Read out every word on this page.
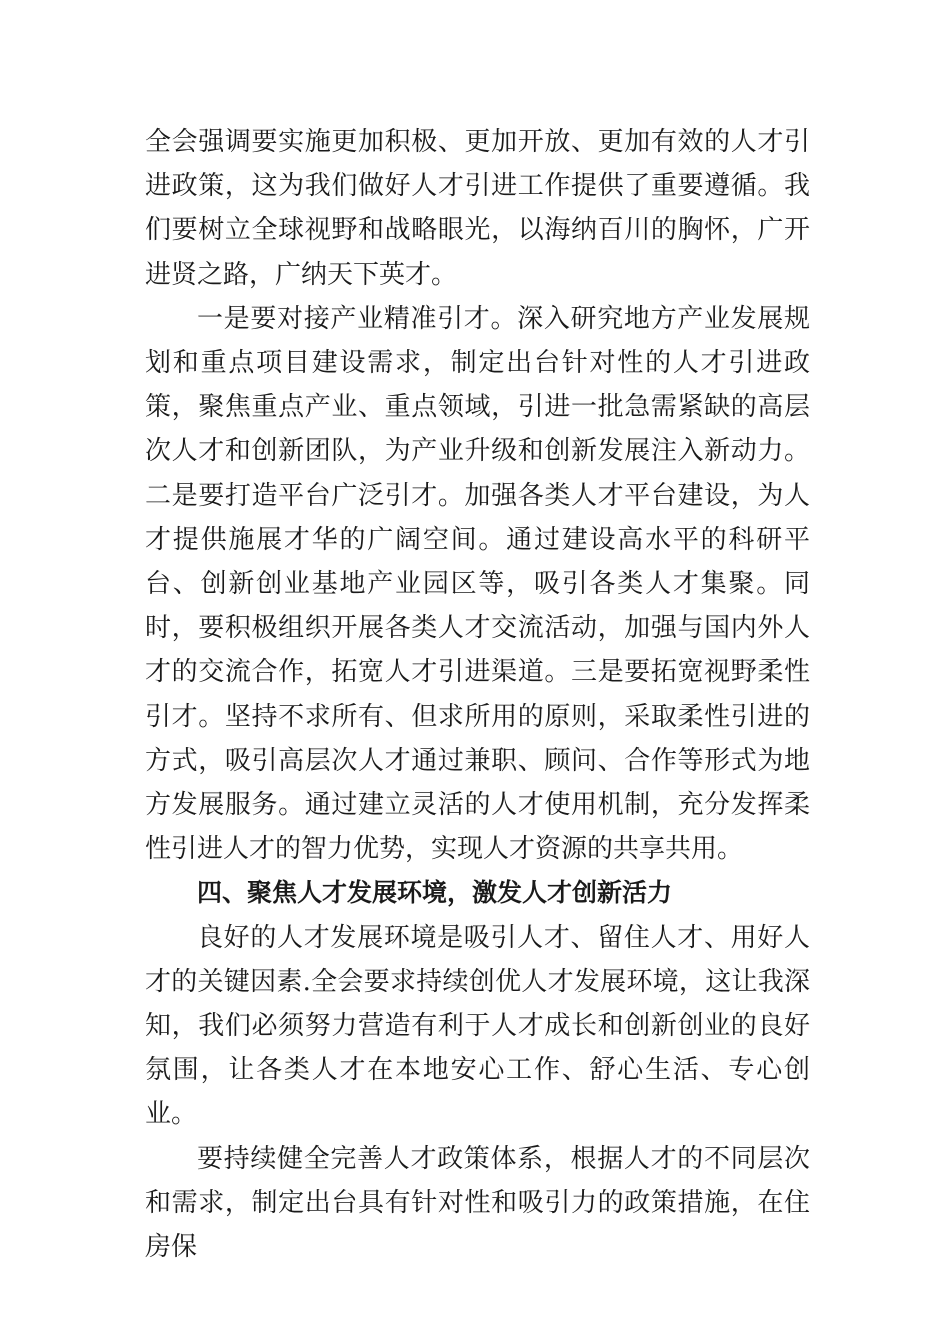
全会强调要实施更加积极、更加开放、更加有效的人才引进政策，这为我们做好人才引进工作提供了重要遵循。我们要树立全球视野和战略眼光，以海纳百川的胸怀，广开进贤之路，广纳天下英才。

一是要对接产业精准引才。深入研究地方产业发展规划和重点项目建设需求，制定出台针对性的人才引进政策，聚焦重点产业、重点领域，引进一批急需紧缺的高层次人才和创新团队，为产业升级和创新发展注入新动力。二是要打造平台广泛引才。加强各类人才平台建设，为人才提供施展才华的广阔空间。通过建设高水平的科研平台、创新创业基地产业园区等，吸引各类人才集聚。同时，要积极组织开展各类人才交流活动，加强与国内外人才的交流合作，拓宽人才引进渠道。三是要拓宽视野柔性引才。坚持不求所有、但求所用的原则，采取柔性引进的方式，吸引高层次人才通过兼职、顾问、合作等形式为地方发展服务。通过建立灵活的人才使用机制，充分发挥柔性引进人才的智力优势，实现人才资源的共享共用。

四、聚焦人才发展环境，激发人才创新活力

良好的人才发展环境是吸引人才、留住人才、用好人才的关键因素.全会要求持续创优人才发展环境，这让我深知，我们必须努力营造有利于人才成长和创新创业的良好氛围，让各类人才在本地安心工作、舒心生活、专心创业。

要持续健全完善人才政策体系，根据人才的不同层次和需求，制定出台具有针对性和吸引力的政策措施，在住房保
